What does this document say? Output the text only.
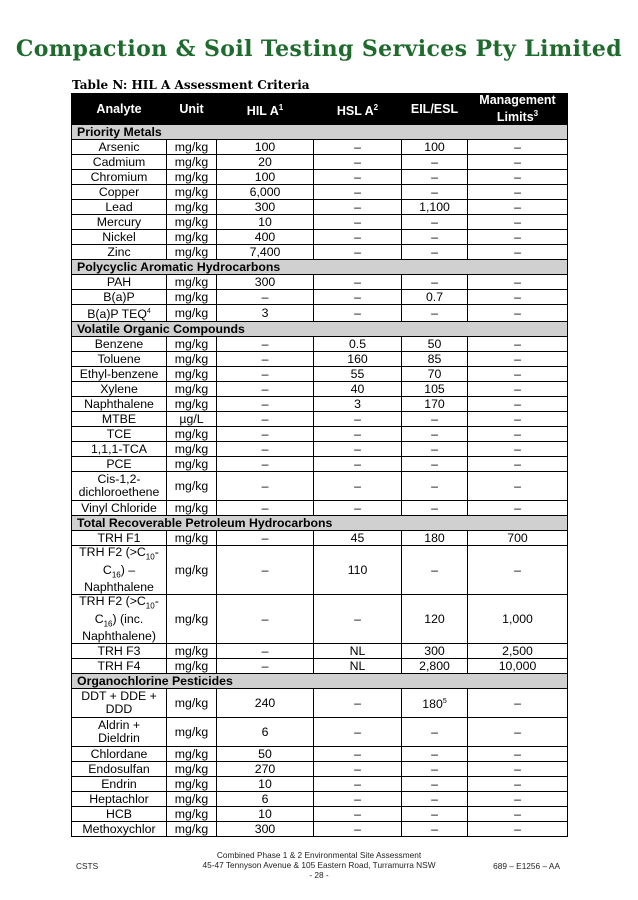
Compaction & Soil Testing Services Pty Limited
Table N: HIL A Assessment Criteria
Analyte	Unit	HIL $A^1$	HSL $A^2$	EIL/ESL	Management Limits$^3$
Priority Metals					
Arsenic	mg/kg	100	–	100	–
Cadmium	mg/kg	20	–	–	–
Chromium	mg/kg	100	–	–	–
Copper	mg/kg	6,000	–	–	–
Lead	mg/kg	300	–	1,100	–
Mercury	mg/kg	10	–	–	–
Nickel	mg/kg	400	–	–	–
Zinc	mg/kg	7,400	–	–	–
Polycyclic Aromatic Hydrocarbons					
PAH	mg/kg	300	–	–	–
B(a)P	mg/kg	–	–	0.7	–
B(a)P TEQ$^4$	mg/kg	3	–	–	–
Volatile Organic Compounds					
Benzene	mg/kg	–	0.5	50	–
Toluene	mg/kg	–	160	85	–
Ethyl-benzene	mg/kg	–	55	70	–
Xylene	mg/kg	–	40	105	–
Naphthalene	mg/kg	–	3	170	–
MTBE	µg/L	–	–	–	–
TCE	mg/kg	–	–	–	–
1,1,1-TCA	mg/kg	–	–	–	–
PCE	mg/kg	–	–	–	–

Cis-1,2-
dichloroethene	mg/kg	–	–	–	–
Vinyl Chloride	mg/kg	–	–	–	–
Total Recoverable Petroleum Hydrocarbons					
TRH F1	mg/kg	–	45	180	700
TRH F2 ($>C_{10}-$
$C_{16}$) –
Naphthalene	mg/kg	–	110	–	–
TRH F2 ($>C_{10}-$
$C_{16}$) (inc.
Naphthalene)	mg/kg	–	–	120	1,000
TRH F3	mg/kg	–	NL	300	2,500
TRH F4	mg/kg	–	NL	2,800	10,000
Organochlorine Pesticides					

DDT + DDE +
DDD	mg/kg	240	–	$180^5$	–

Aldrin +
Dieldrin	mg/kg	6	–	–	–
Chlordane	mg/kg	50	–	–	–
Endosulfan	mg/kg	270	–	–	–
Endrin	mg/kg	10	–	–	–
Heptachlor	mg/kg	6	–	–	–
HCB	mg/kg	10	–	–	–
Methoxychlor	mg/kg	300	–	–	–
CSTS
Combined Phase 1 & 2 Environmental Site Assessment
45-47 Tennyson Avenue & 105 Eastern Road, Turramurra NSW
- 28 -
689 – E1256 – AA
